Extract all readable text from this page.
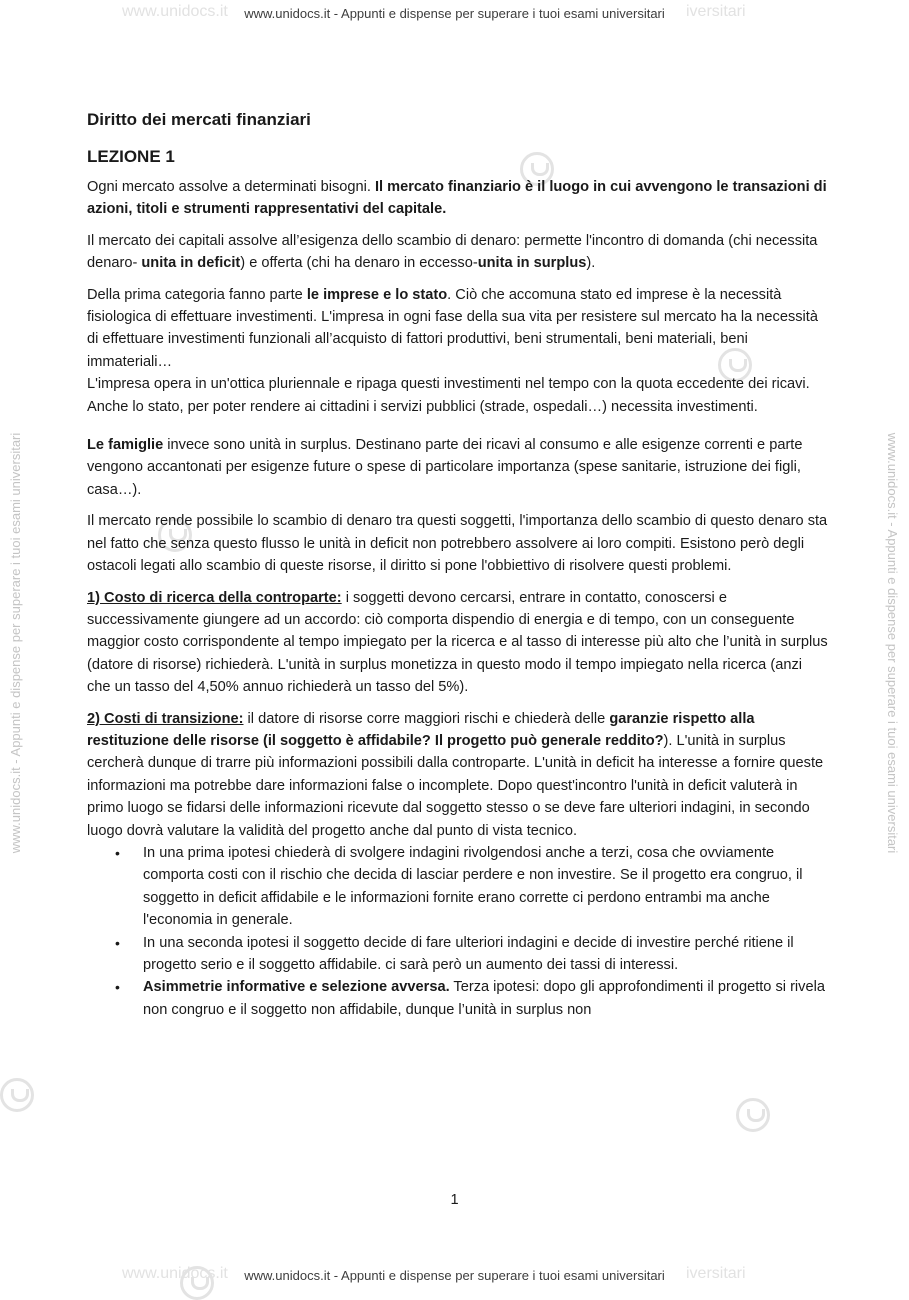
www.unidocs.it	iversitari
www.unidocs.it - Appunti e dispense per superare i tuoi esami universitari
www.unidocs.it	iversitari
www.unidocs.it - Appunti e dispense per superare i tuoi esami universitari
www.unidocs.it - Appunti e dispense per superare i tuoi esami universitari	www.unidocs.it - Appunti e dispense per superare i tuoi esami universitari
Diritto dei mercati finanziari
LEZIONE 1

Ogni mercato assolve a determinati bisogni. Il mercato finanziario è il luogo in cui avvengono le transazioni di azioni, titoli e strumenti rappresentativi del capitale.

Il mercato dei capitali assolve all’esigenza dello scambio di denaro: permette l'incontro di domanda (chi necessita denaro- unita in deficit) e offerta (chi ha denaro in eccesso-unita in surplus).

Della prima categoria fanno parte le imprese e lo stato. Ciò che accomuna stato ed imprese è la necessità fisiologica di effettuare investimenti. L'impresa in ogni fase della sua vita per resistere sul mercato ha la necessità di effettuare investimenti funzionali all’acquisto di fattori produttivi, beni strumentali, beni materiali, beni immateriali…
L'impresa opera in un'ottica pluriennale e ripaga questi investimenti nel tempo con la quota eccedente dei ricavi. Anche lo stato, per poter rendere ai cittadini i servizi pubblici (strade, ospedali…) necessita investimenti.

Le famiglie invece sono unità in surplus. Destinano parte dei ricavi al consumo e alle esigenze correnti e parte vengono accantonati per esigenze future o spese di particolare importanza (spese sanitarie, istruzione dei figli, casa…).

Il mercato rende possibile lo scambio di denaro tra questi soggetti, l'importanza dello scambio di questo denaro sta nel fatto che senza questo flusso le unità in deficit non potrebbero assolvere ai loro compiti. Esistono però degli ostacoli legati allo scambio di queste risorse, il diritto si pone l'obbiettivo di risolvere questi problemi.

1) Costo di ricerca della controparte: i soggetti devono cercarsi, entrare in contatto, conoscersi e successivamente giungere ad un accordo: ciò comporta dispendio di energia e di tempo, con un conseguente maggior costo corrispondente al tempo impiegato per la ricerca e al tasso di interesse più alto che l’unità in surplus (datore di risorse) richiederà. L'unità in surplus monetizza in questo modo il tempo impiegato nella ricerca (anzi che un tasso del 4,50% annuo richiederà un tasso del 5%).

2) Costi di transizione: il datore di risorse corre maggiori rischi e chiederà delle garanzie rispetto alla restituzione delle risorse (il soggetto è affidabile? Il progetto può generale reddito?). L'unità in surplus cercherà dunque di trarre più informazioni possibili dalla controparte. L'unità in deficit ha interesse a fornire queste informazioni ma potrebbe dare informazioni false o incomplete. Dopo quest'incontro l'unità in deficit valuterà in primo luogo se fidarsi delle informazioni ricevute dal soggetto stesso o se deve fare ulteriori indagini, in secondo luogo dovrà valutare la validità del progetto anche dal punto di vista tecnico.

• In una prima ipotesi chiederà di svolgere indagini rivolgendosi anche a terzi, cosa che ovviamente comporta costi con il rischio che decida di lasciar perdere e non investire. Se il progetto era congruo, il soggetto in deficit affidabile e le informazioni fornite erano corrette ci perdono entrambi ma anche l'economia in generale.
• In una seconda ipotesi il soggetto decide di fare ulteriori indagini e decide di investire perché ritiene il progetto serio e il soggetto affidabile. ci sarà però un aumento dei tassi di interessi.
• Asimmetrie informative e selezione avversa. Terza ipotesi: dopo gli approfondimenti il progetto si rivela non congruo e il soggetto non affidabile, dunque l’unità in surplus non
1
